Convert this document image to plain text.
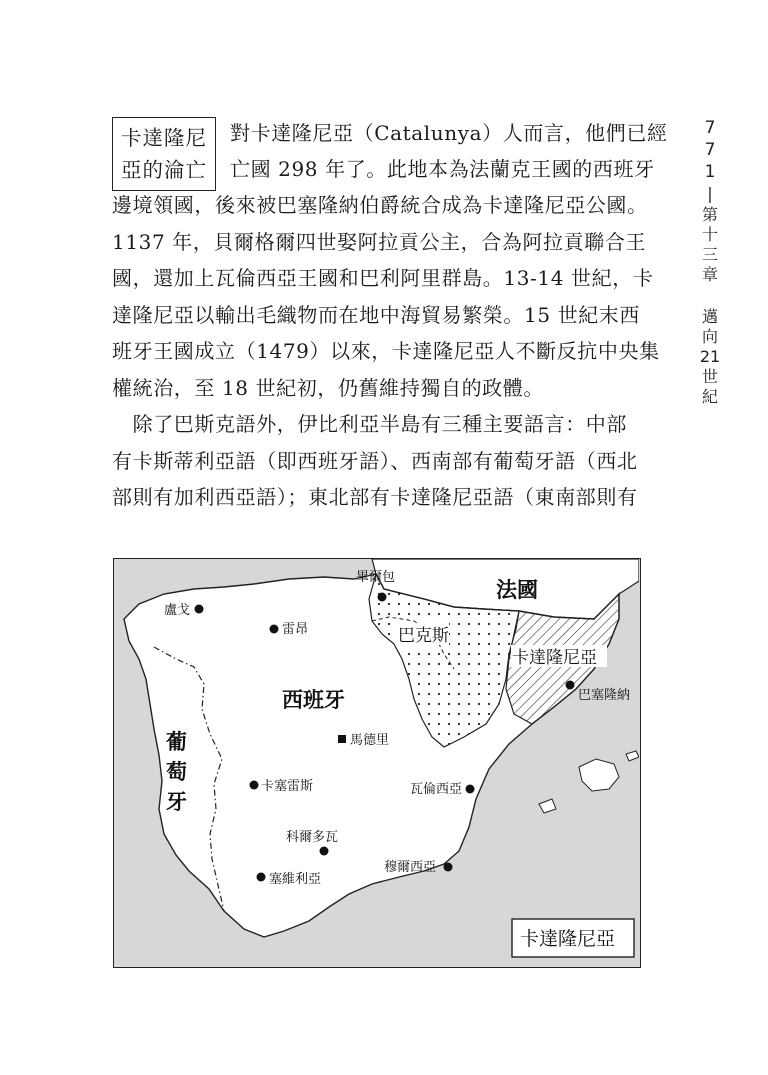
卡達隆尼
亞的淪亡
對卡達隆尼亞（Catalunya）人而言，他們已經
亡國 298 年了。此地本為法蘭克王國的西班牙
邊境領國，後來被巴塞隆納伯爵統合成為卡達隆尼亞公國。
1137 年，貝爾格爾四世娶阿拉貢公主，合為阿拉貢聯合王
國，還加上瓦倫西亞王國和巴利阿里群島。13-14 世紀，卡
達隆尼亞以輸出毛織物而在地中海貿易繁榮。15 世紀末西
班牙王國成立（1479）以來，卡達隆尼亞人不斷反抗中央集
權統治，至 18 世紀初，仍舊維持獨自的政體。
　除了巴斯克語外，伊比利亞半島有三種主要語言：中部
有卡斯蒂利亞語（即西班牙語）、西南部有葡萄牙語（西北
部則有加利西亞語）；東北部有卡達隆尼亞語（東南部則有
7
7
1
|
第
十
三
章
邁
向
21
世
紀
法國
西班牙
葡
萄
牙
巴克斯
卡達隆尼亞
畢爾包
盧戈
雷昂
馬德里
卡塞雷斯
科爾多瓦
塞維利亞
瓦倫西亞
穆爾西亞
巴塞隆納
卡達隆尼亞
